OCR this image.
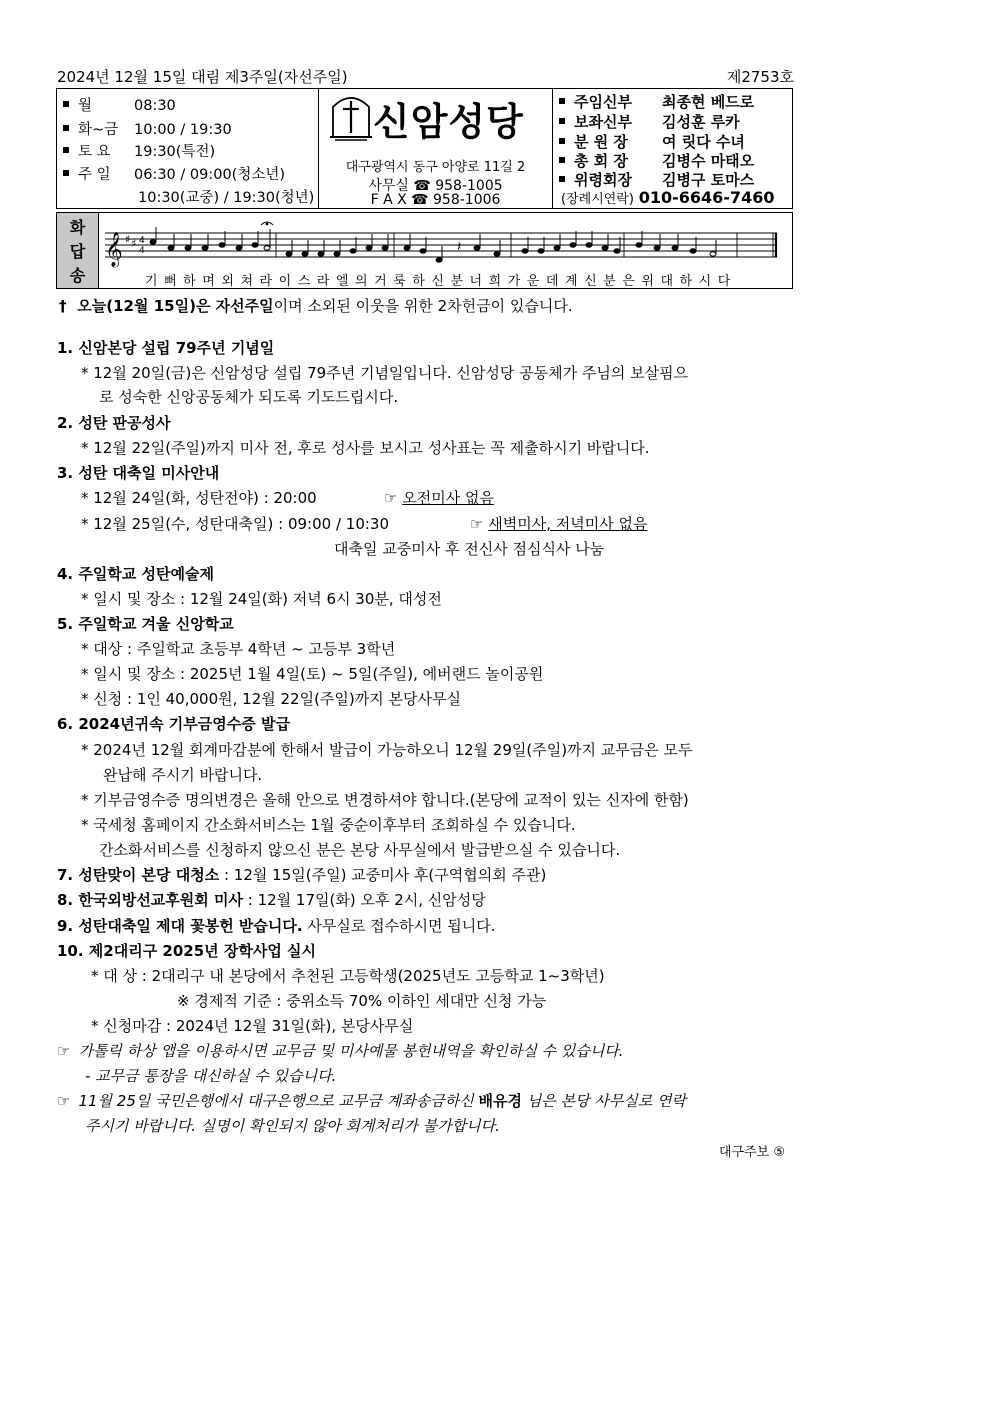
2024년 12월 15일 대림 제3주일(자선주일)	제2753호
월	08:30
화~금 10:00 / 19:30
토 요 19:30(특전)
주 일 06:30 / 09:00(청소년)
10:30(교중) / 19:30(청년)
신암성당
대구광역시 동구 아양로 11길 2
사무실 ☎ 958-1005
F A X ☎ 958-1006
주임신부 최종현 베드로
보좌신부 김성훈 루카
분 원 장 여 릿다 수녀
총 회 장 김병수 마태오
위령회장 김병구 토마스
(장례시연락) 010-6646-7460
화
답
송
𝄞 ♯ ♯ 4
4	𝄽
기 뻐 하 며 외 쳐 라 이 스 라 엘 의 거 룩 하 신 분 너 희 가 운 데 계 신 분 은 위 대 하 시 다
† 오늘(12월 15일)은 자선주일이며 소외된 이웃을 위한 2차헌금이 있습니다.
1. 신암본당 설립 79주년 기념일
* 12월 20일(금)은 신암성당 설립 79주년 기념일입니다. 신암성당 공동체가 주님의 보살핌으
로 성숙한 신앙공동체가 되도록 기도드립시다.
2. 성탄 판공성사
* 12월 22일(주일)까지 미사 전, 후로 성사를 보시고 성사표는 꼭 제출하시기 바랍니다.
3. 성탄 대축일 미사안내
* 12월 24일(화, 성탄전야) : 20:00	☞ 오전미사 없음
* 12월 25일(수, 성탄대축일) : 09:00 / 10:30	☞ 새벽미사, 저녁미사 없음
대축일 교중미사 후 전신사 점심식사 나눔
4. 주일학교 성탄예술제
* 일시 및 장소 : 12월 24일(화) 저녁 6시 30분, 대성전
5. 주일학교 겨울 신앙학교
* 대상 : 주일학교 초등부 4학년 ~ 고등부 3학년
* 일시 및 장소 : 2025년 1월 4일(토) ~ 5일(주일), 에버랜드 놀이공원
* 신청 : 1인 40,000원, 12월 22일(주일)까지 본당사무실
6. 2024년귀속 기부금영수증 발급
* 2024년 12월 회계마감분에 한해서 발급이 가능하오니 12월 29일(주일)까지 교무금은 모두
완납해 주시기 바랍니다.
* 기부금영수증 명의변경은 올해 안으로 변경하셔야 합니다.(본당에 교적이 있는 신자에 한함)
* 국세청 홈페이지 간소화서비스는 1월 중순이후부터 조회하실 수 있습니다.
간소화서비스를 신청하지 않으신 분은 본당 사무실에서 발급받으실 수 있습니다.
7. 성탄맞이 본당 대청소 : 12월 15일(주일) 교중미사 후(구역협의회 주관)
8. 한국외방선교후원회 미사 : 12월 17일(화) 오후 2시, 신암성당
9. 성탄대축일 제대 꽃봉헌 받습니다. 사무실로 접수하시면 됩니다.
10. 제2대리구 2025년 장학사업 실시
* 대 상 : 2대리구 내 본당에서 추천된 고등학생(2025년도 고등학교 1~3학년)
※ 경제적 기준 : 중위소득 70% 이하인 세대만 신청 가능
* 신청마감 : 2024년 12월 31일(화), 본당사무실
☞ 가톨릭 하상 앱을 이용하시면 교무금 및 미사예물 봉헌내역을 확인하실 수 있습니다.
- 교무금 통장을 대신하실 수 있습니다.
☞ 11월 25일 국민은행에서 대구은행으로 교무금 계좌송금하신 배유경 님은 본당 사무실로 연락
주시기 바랍니다. 실명이 확인되지 않아 회계처리가 불가합니다.
대구주보 ⑤
